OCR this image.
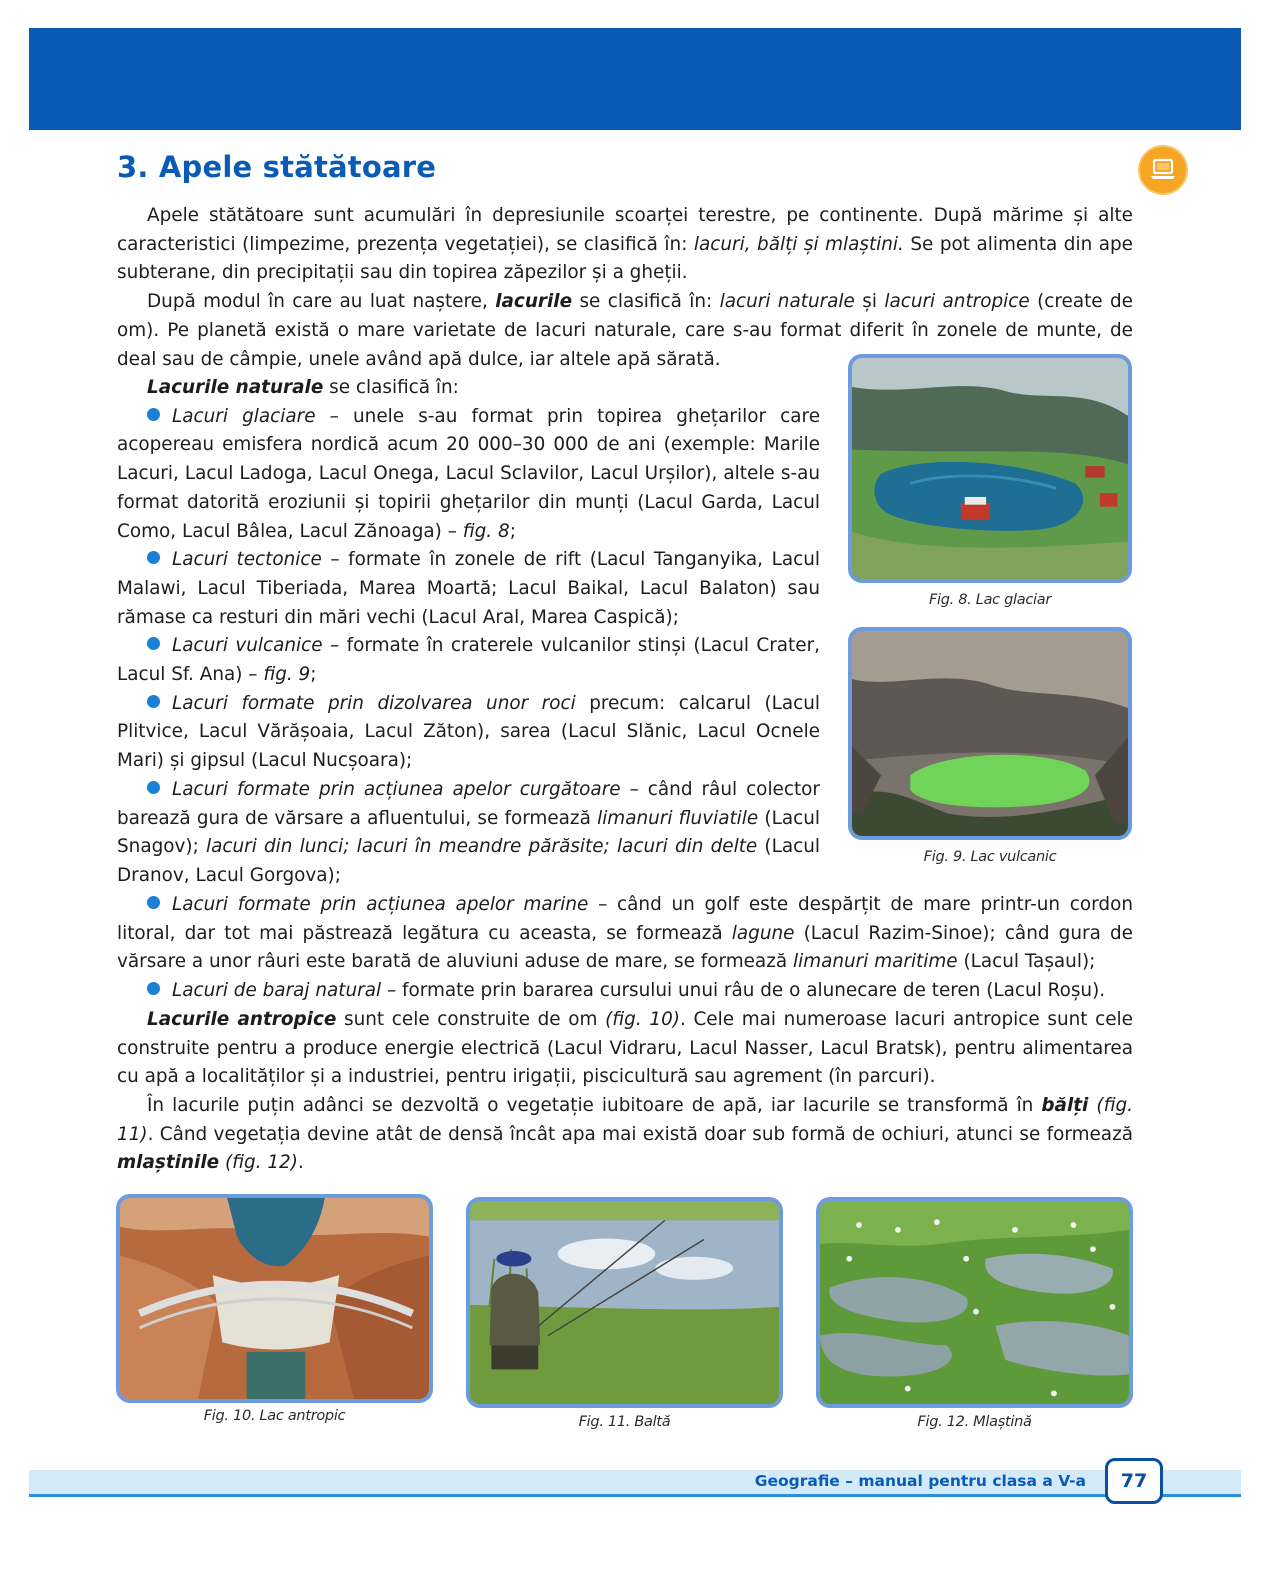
3. Apele stătătoare

Apele stătătoare sunt acumulări în depresiunile scoarței terestre, pe continente. După mărime și alte caracteristici (limpezime, prezența vegetației), se clasifică în: lacuri, bălți și mlaștini. Se pot alimenta din ape subterane, din precipitații sau din topirea zăpezilor și a gheții.

După modul în care au luat naștere, lacurile se clasifică în: lacuri naturale și lacuri antropice (create de om). Pe planetă există o mare varietate de lacuri naturale, care s-au format diferit în zonele de munte, de deal sau de câmpie, unele având apă dulce, iar altele apă sărată.

Lacurile naturale se clasifică în:

Lacuri glaciare – unele s-au format prin topirea ghețarilor care acopereau emisfera nordică acum 20 000–30 000 de ani (exemple: Marile Lacuri, Lacul Ladoga, Lacul Onega, Lacul Sclavilor, Lacul Urșilor), altele s-au format datorită eroziunii și topirii ghețarilor din munți (Lacul Garda, Lacul Como, Lacul Bâlea, Lacul Zănoaga) – fig. 8;

Lacuri tectonice – formate în zonele de rift (Lacul Tanganyika, Lacul Malawi, Lacul Tiberiada, Marea Moartă; Lacul Baikal, Lacul Balaton) sau rămase ca resturi din mări vechi (Lacul Aral, Marea Caspică);

Lacuri vulcanice – formate în craterele vulcanilor stinși (Lacul Crater, Lacul Sf. Ana) – fig. 9;

Lacuri formate prin dizolvarea unor roci precum: calcarul (Lacul Plitvice, Lacul Vărășoaia, Lacul Zăton), sarea (Lacul Slănic, Lacul Ocnele Mari) și gipsul (Lacul Nucșoara);

Lacuri formate prin acțiunea apelor curgătoare – când râul colector barează gura de vărsare a afluentului, se formează limanuri fluviatile (Lacul Snagov); lacuri din lunci; lacuri în meandre părăsite; lacuri din delte (Lacul Dranov, Lacul Gorgova);

Lacuri formate prin acțiunea apelor marine – când un golf este despărțit de mare printr-un cordon litoral, dar tot mai păstrează legătura cu aceasta, se formează lagune (Lacul Razim-Sinoe); când gura de vărsare a unor râuri este barată de aluviuni aduse de mare, se formează limanuri maritime (Lacul Tașaul);

Lacuri de baraj natural – formate prin bararea cursului unui râu de o alunecare de teren (Lacul Roșu).

Lacurile antropice sunt cele construite de om (fig. 10). Cele mai numeroase lacuri antropice sunt cele construite pentru a produce energie electrică (Lacul Vidraru, Lacul Nasser, Lacul Bratsk), pentru alimentarea cu apă a localităților și a industriei, pentru irigații, piscicultură sau agrement (în parcuri).

În lacurile puțin adânci se dezvoltă o vegetație iubitoare de apă, iar lacurile se transformă în bălți (fig. 11). Când vegetația devine atât de densă încât apa mai există doar sub formă de ochiuri, atunci se formează mlaștinile (fig. 12).

Fig. 8. Lac glaciar
Fig. 9. Lac vulcanic
Fig. 10. Lac antropic	Fig. 11. Baltă	Fig. 12. Mlaștină
Geografie – manual pentru clasa a V-a	77
